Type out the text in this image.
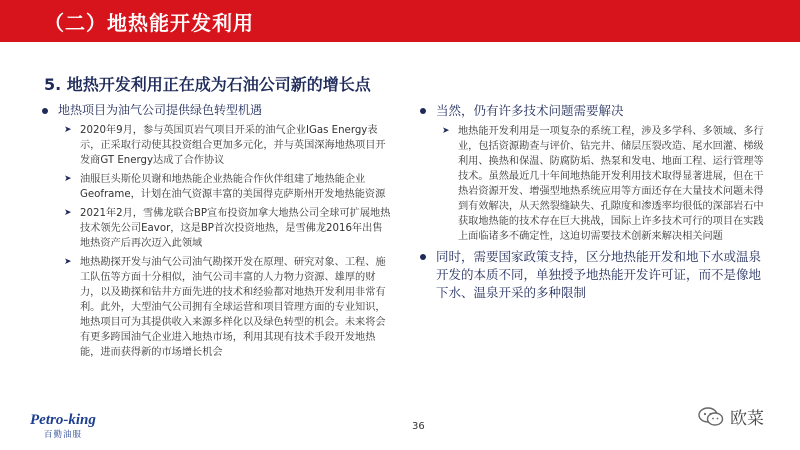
（二）地热能开发利用
5. 地热开发利用正在成为石油公司新的增长点
地热项目为油气公司提供绿色转型机遇
➤ 2020年9月，参与英国页岩气项目开采的油气企业IGas Energy表示，正采取行动使其投资组合更加多元化，并与英国深海地热项目开发商GT Energy达成了合作协议
➤ 油服巨头斯伦贝谢和地热能企业热能合作伙伴组建了地热能企业Geoframe，计划在油气资源丰富的美国得克萨斯州开发地热能资源
➤ 2021年2月，雪佛龙联合BP宣布投资加拿大地热公司全球可扩展地热技术领先公司Eavor，这是BP首次投资地热，是雪佛龙2016年出售地热资产后再次迈入此领域
➤ 地热勘探开发与油气公司油气勘探开发在原理、研究对象、工程、施工队伍等方面十分相似，油气公司丰富的人力物力资源、雄厚的财力，以及勘探和钻井方面先进的技术和经验都对地热开发利用非常有利。此外，大型油气公司拥有全球运营和项目管理方面的专业知识，地热项目可为其提供收入来源多样化以及绿色转型的机会。未来将会有更多跨国油气企业进入地热市场，利用其现有技术手段开发地热能，进而获得新的市场增长机会
当然，仍有许多技术问题需要解决
➤ 地热能开发利用是一项复杂的系统工程，涉及多学科、多领域、多行业，包括资源勘查与评价、钻完井、储层压裂改造、尾水回灌、梯级利用、换热和保温、防腐防垢、热泵和发电、地面工程、运行管理等技术。虽然最近几十年间地热能开发利用技术取得显著进展，但在干热岩资源开发、增强型地热系统应用等方面还存在大量技术问题未得到有效解决，从天然裂缝缺失、孔隙度和渗透率均很低的深部岩石中获取地热能的技术存在巨大挑战，国际上许多技术可行的项目在实践上面临诸多不确定性，这迫切需要技术创新来解决相关问题
同时，需要国家政策支持，区分地热能开发和地下水或温泉开发的本质不同，单独授予地热能开发许可证，而不是像地下水、温泉开采的多种限制
Petro-king
百勤油服
36	欧菜
